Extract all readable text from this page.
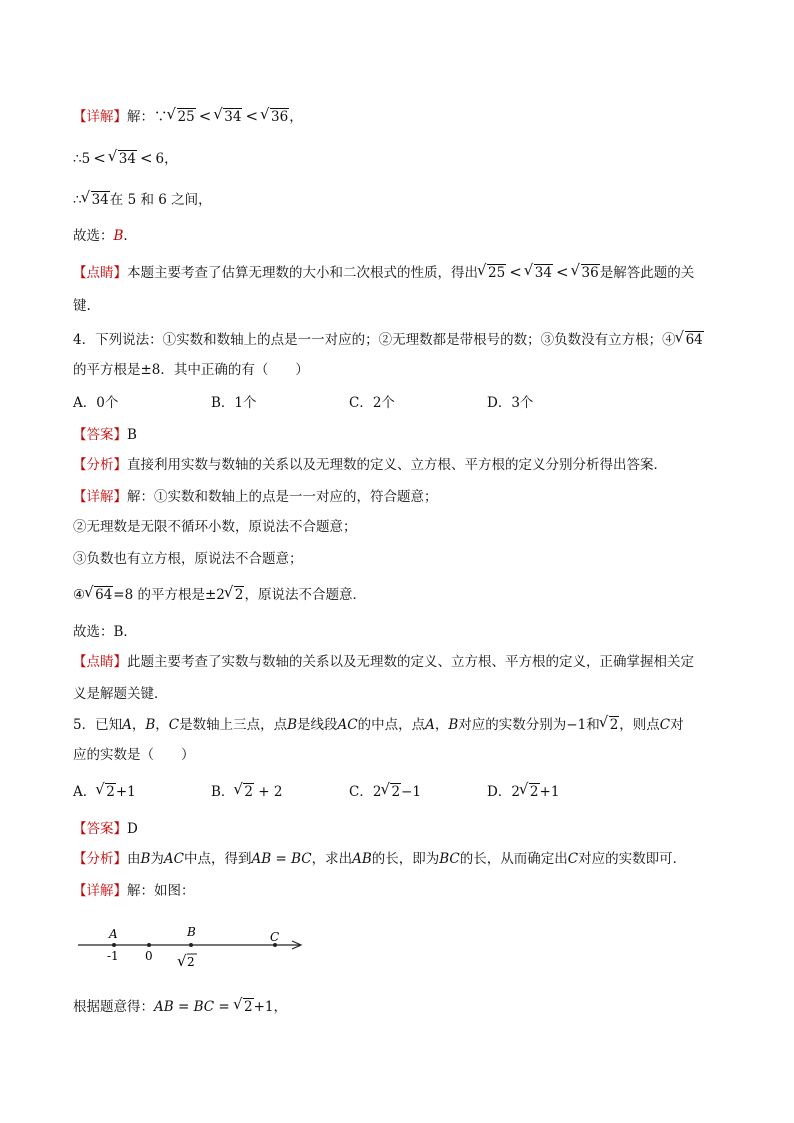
【详解】解：∵ √ 25 < √ 34 < √ 36，
∴5 < √ 34 < 6，
∴ √ 34在 5 和 6 之间，
故选：B.
【点睛】本题主要考查了估算无理数的大小和二次根式的性质，得出 √ 25 < √ 34 < √ 36是解答此题的关
键.
4．下列说法：①实数和数轴上的点是一一对应的；②无理数都是带根号的数；③负数没有立方根；④ √ 64
的平方根是±8．其中正确的有（　　）
A．0个	B．1个	C．2个	D．3个
【答案】B
【分析】直接利用实数与数轴的关系以及无理数的定义、立方根、平方根的定义分别分析得出答案．
【详解】解：①实数和数轴上的点是一一对应的，符合题意；
②无理数是无限不循环小数，原说法不合题意；
③负数也有立方根，原说法不合题意；
④ √ 64=8 的平方根是±2 √ 2，原说法不合题意．
故选：B．
【点睛】此题主要考查了实数与数轴的关系以及无理数的定义、立方根、平方根的定义，正确掌握相关定
义是解题关键．
5．已知A，B，C是数轴上三点，点B是线段AC的中点，点A，B对应的实数分别为−1和 √ 2，则点C对
应的实数是（　　）
A． √ 2+1	B． √ 2 + 2	C．2 √ 2−1	D．2 √ 2+1
【答案】D
【分析】由B为AC中点，得到AB = BC，求出AB的长，即为BC的长，从而确定出C对应的实数即可．
【详解】解：如图：
A	B	C
-1 0 √ 2
根据题意得：AB = BC = √ 2+1，
